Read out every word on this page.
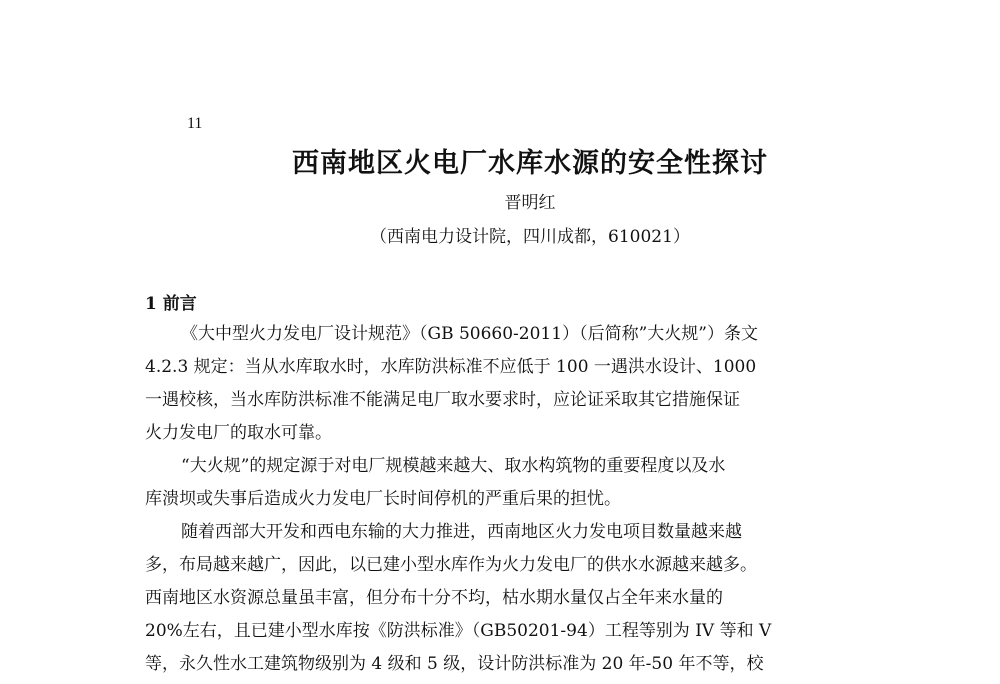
11
西南地区火电厂水库水源的安全性探讨
晋明红
（西南电力设计院，四川成都，610021）
1 前言
《大中型火力发电厂设计规范》（GB 50660-2011）（后简称”大火规”）条文
4.2.3 规定：当从水库取水时，水库防洪标准不应低于 100 一遇洪水设计、1000
一遇校核，当水库防洪标准不能满足电厂取水要求时，应论证采取其它措施保证
火力发电厂的取水可靠。
“大火规”的规定源于对电厂规模越来越大、取水构筑物的重要程度以及水
库溃坝或失事后造成火力发电厂长时间停机的严重后果的担忧。
随着西部大开发和西电东输的大力推进，西南地区火力发电项目数量越来越
多，布局越来越广，因此，以已建小型水库作为火力发电厂的供水水源越来越多。
西南地区水资源总量虽丰富，但分布十分不均，枯水期水量仅占全年来水量的
20%左右，且已建小型水库按《防洪标准》（GB50201-94）工程等别为 IV 等和 V
等，永久性水工建筑物级别为 4 级和 5 级，设计防洪标准为 20 年-50 年不等，校
